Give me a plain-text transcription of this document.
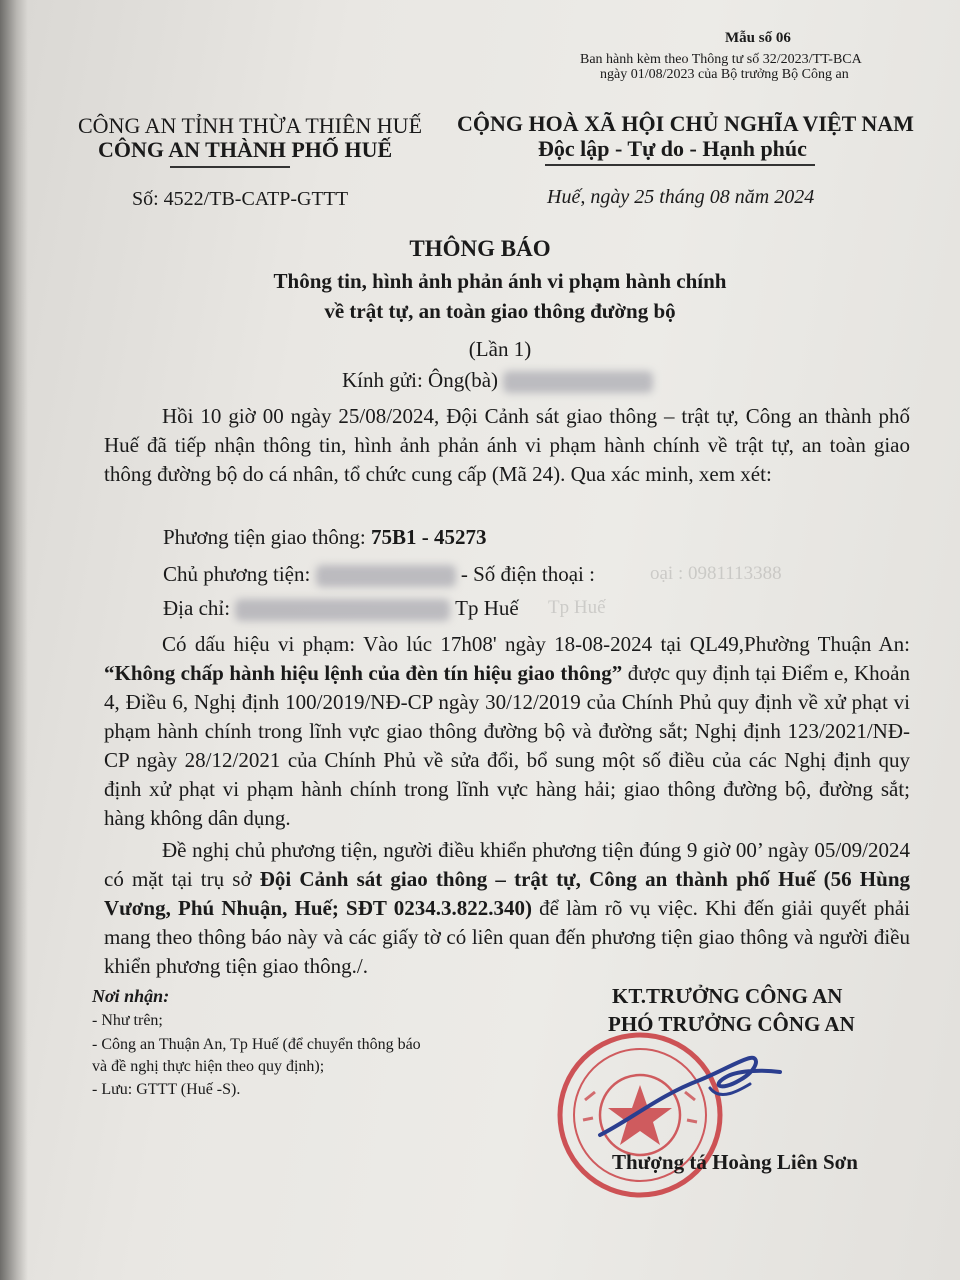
Mẫu số 06
Ban hành kèm theo Thông tư số 32/2023/TT-BCA
ngày 01/08/2023 của Bộ trưởng Bộ Công an
CÔNG AN TỈNH THỪA THIÊN HUẾ
CÔNG AN THÀNH PHỐ HUẾ
CỘNG HOÀ XÃ HỘI CHỦ NGHĨA VIỆT NAM
Độc lập - Tự do - Hạnh phúc
Số: 4522/TB-CATP-GTTT	Huế, ngày 25 tháng 08 năm 2024
THÔNG BÁO
Thông tin, hình ảnh phản ánh vi phạm hành chính
về trật tự, an toàn giao thông đường bộ
(Lần 1)
Kính gửi: Ông(bà)
Hồi 10 giờ 00 ngày 25/08/2024, Đội Cảnh sát giao thông – trật tự, Công an thành phố Huế đã tiếp nhận thông tin, hình ảnh phản ánh vi phạm hành chính về trật tự, an toàn giao thông đường bộ do cá nhân, tổ chức cung cấp (Mã 24). Qua xác minh, xem xét:
Phương tiện giao thông: 75B1 - 45273
Chủ phương tiện:	- Số điện thoại :	oại : 0981113388
Địa chỉ:	Tp Huế Tp Huế
Có dấu hiệu vi phạm: Vào lúc 17h08' ngày 18-08-2024 tại QL49,Phường Thuận An: “Không chấp hành hiệu lệnh của đèn tín hiệu giao thông” được quy định tại Điểm e, Khoản 4, Điều 6, Nghị định 100/2019/NĐ-CP ngày 30/12/2019 của Chính Phủ quy định về xử phạt vi phạm hành chính trong lĩnh vực giao thông đường bộ và đường sắt; Nghị định 123/2021/NĐ-CP ngày 28/12/2021 của Chính Phủ về sửa đổi, bổ sung một số điều của các Nghị định quy định xử phạt vi phạm hành chính trong lĩnh vực hàng hải; giao thông đường bộ, đường sắt; hàng không dân dụng.
Đề nghị chủ phương tiện, người điều khiển phương tiện đúng 9 giờ 00’ ngày 05/09/2024 có mặt tại trụ sở Đội Cảnh sát giao thông – trật tự, Công an thành phố Huế (56 Hùng Vương, Phú Nhuận, Huế; SĐT 0234.3.822.340) để làm rõ vụ việc. Khi đến giải quyết phải mang theo thông báo này và các giấy tờ có liên quan đến phương tiện giao thông và người điều khiển phương tiện giao thông./.
Nơi nhận:
- Như trên;
- Công an Thuận An, Tp Huế (để chuyển thông báo
và đề nghị thực hiện theo quy định);
- Lưu: GTTT (Huế -S).
KT.TRƯỞNG CÔNG AN
PHÓ TRƯỞNG CÔNG AN
Thượng tá Hoàng Liên Sơn
